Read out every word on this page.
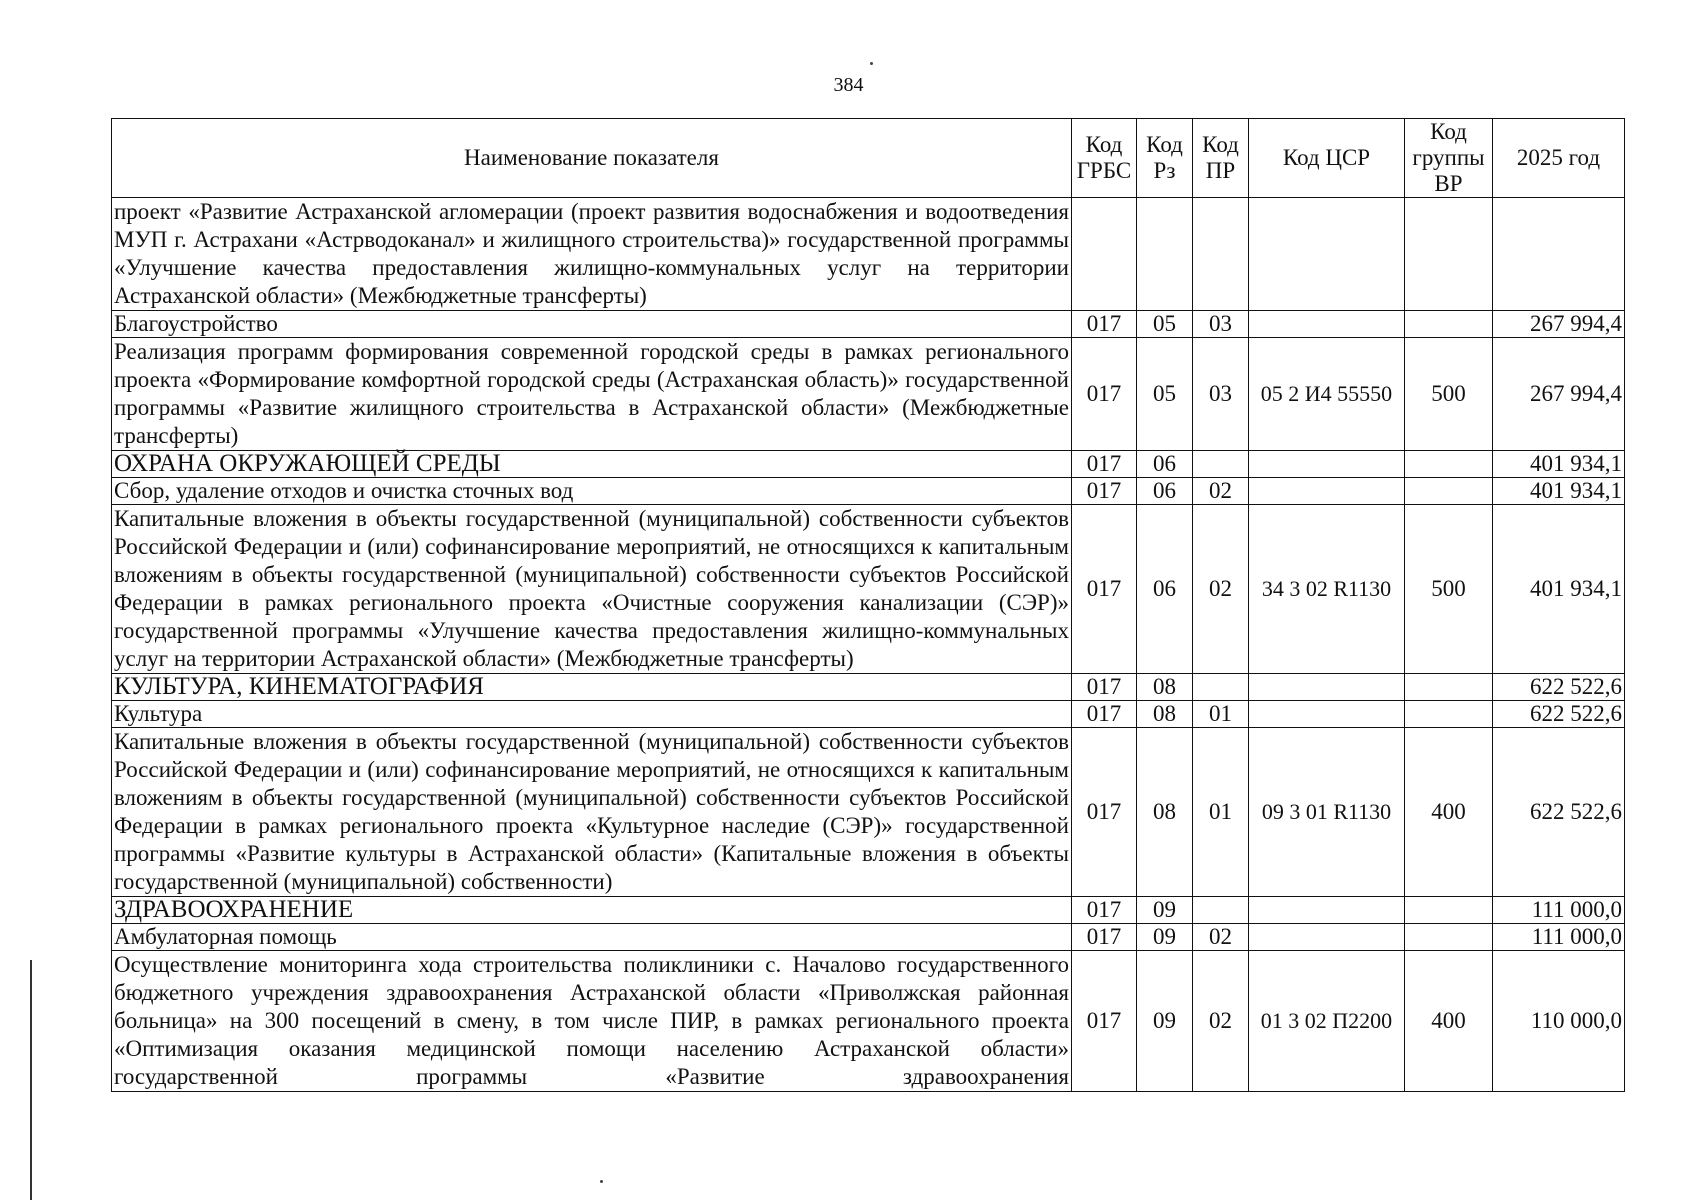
384
Наименование показателя	Код ГРБС	Код Рз	Код ПР	Код ЦСР	Код группы ВР	2025 год
проект «Развитие Астраханской агломерации (проект развития водоснабжения и водоотведения МУП г. Астрахани «Астрводоканал» и жилищного строительства)» государственной программы «Улучшение качества предоставления жилищно-коммунальных услуг на территории Астраханской области» (Межбюджетные трансферты)						
Благоустройство	017	05	03			267 994,4
Реализация программ формирования современной городской среды в рамках регионального проекта «Формирование комфортной городской среды (Астраханская область)» государственной программы «Развитие жилищного строительства в Астраханской области» (Межбюджетные трансферты)	017	05	03	05 2 И4 55550	500	267 994,4
ОХРАНА ОКРУЖАЮЩЕЙ СРЕДЫ	017	06				401 934,1
Сбор, удаление отходов и очистка сточных вод	017	06	02			401 934,1
Капитальные вложения в объекты государственной (муниципальной) собственности субъектов Российской Федерации и (или) софинансирование мероприятий, не относящихся к капитальным вложениям в объекты государственной (муниципальной) собственности субъектов Российской Федерации в рамках регионального проекта «Очистные сооружения канализации (СЭР)» государственной программы «Улучшение качества предоставления жилищно-коммунальных услуг на территории Астраханской области» (Межбюджетные трансферты)	017	06	02	34 3 02 R1130	500	401 934,1
КУЛЬТУРА, КИНЕМАТОГРАФИЯ	017	08				622 522,6
Культура	017	08	01			622 522,6
Капитальные вложения в объекты государственной (муниципальной) собственности субъектов Российской Федерации и (или) софинансирование мероприятий, не относящихся к капитальным вложениям в объекты государственной (муниципальной) собственности субъектов Российской Федерации в рамках регионального проекта «Культурное наследие (СЭР)» государственной программы «Развитие культуры в Астраханской области» (Капитальные вложения в объекты государственной (муниципальной) собственности)	017	08	01	09 3 01 R1130	400	622 522,6
ЗДРАВООХРАНЕНИЕ	017	09				111 000,0
Амбулаторная помощь	017	09	02			111 000,0
Осуществление мониторинга хода строительства поликлиники с. Началово государственного бюджетного учреждения здравоохранения Астраханской области «Приволжская районная больница» на 300 посещений в смену, в том числе ПИР, в рамках регионального проекта «Оптимизация оказания медицинской помощи населению Астраханской области» государственной программы «Развитие здравоохранения	017	09	02	01 3 02 П2200	400	110 000,0
